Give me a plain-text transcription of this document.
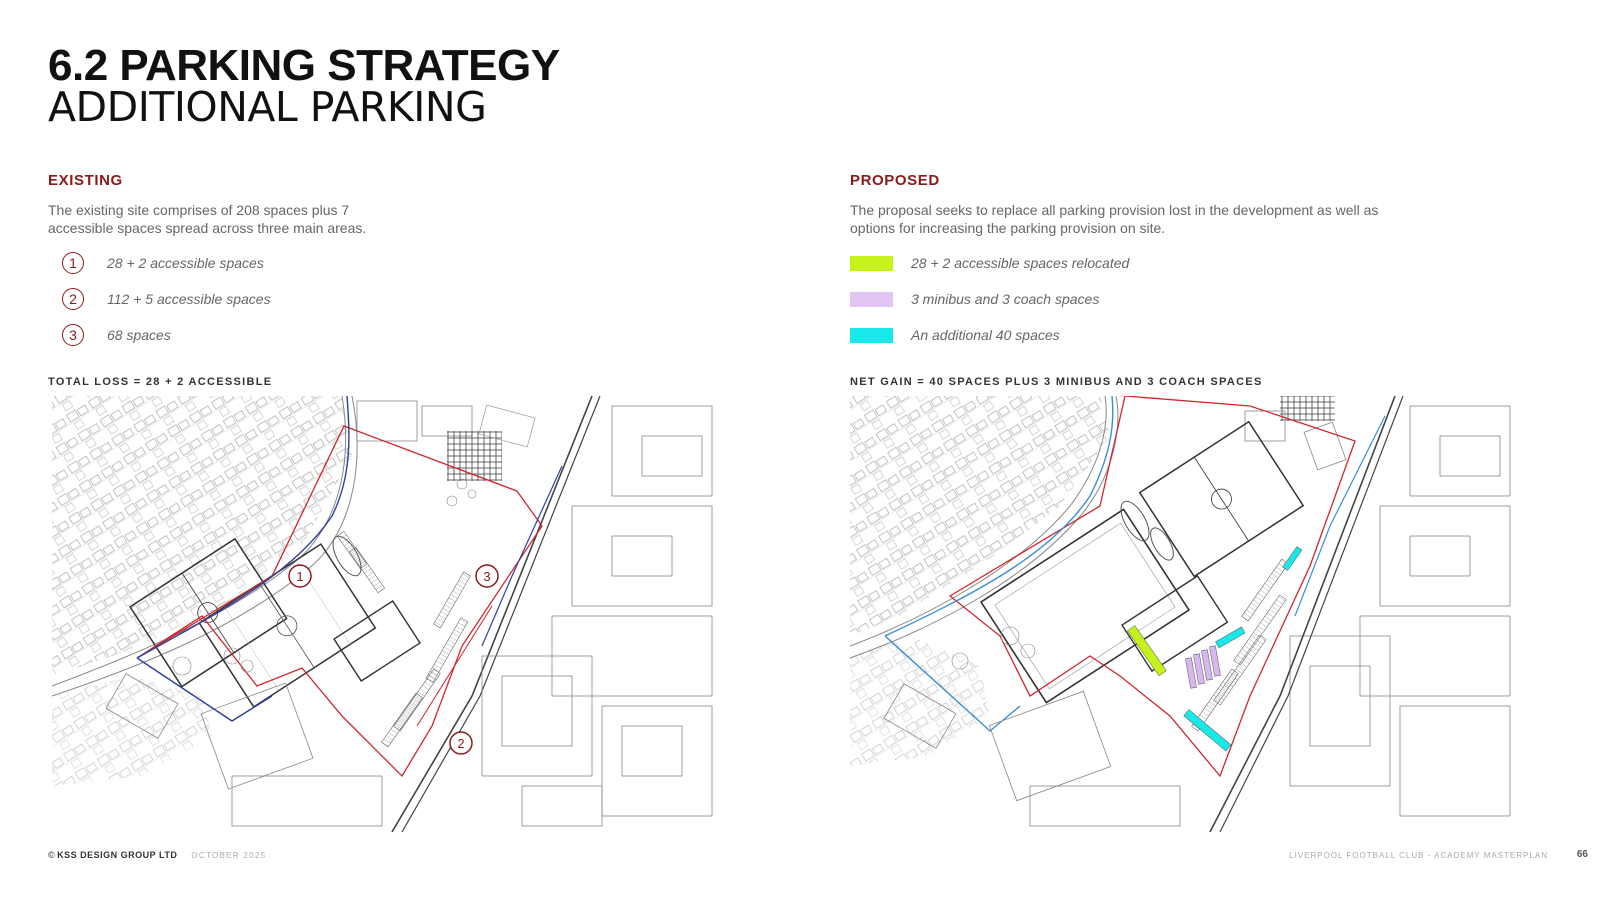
6.2 PARKING STRATEGY
ADDITIONAL PARKING
EXISTING

The existing site comprises of 208 spaces plus 7 accessible spaces spread across three main areas.

1	28 + 2 accessible spaces
2	112 + 5 accessible spaces
3	68 spaces
PROPOSED

The proposal seeks to replace all parking provision lost in the development as well as options for increasing the parking provision on site.

28 + 2 accessible spaces relocated
3 minibus and 3 coach spaces
An additional 40 spaces
TOTAL LOSS = 28 + 2 ACCESSIBLE	NET GAIN = 40 SPACES PLUS 3 MINIBUS AND 3 COACH SPACES
1	3
2
©
KSS DESIGN GROUP LTD OCTOBER 2025	LIVERPOOL FOOTBALL CLUB - ACADEMY MASTERPLAN	66
